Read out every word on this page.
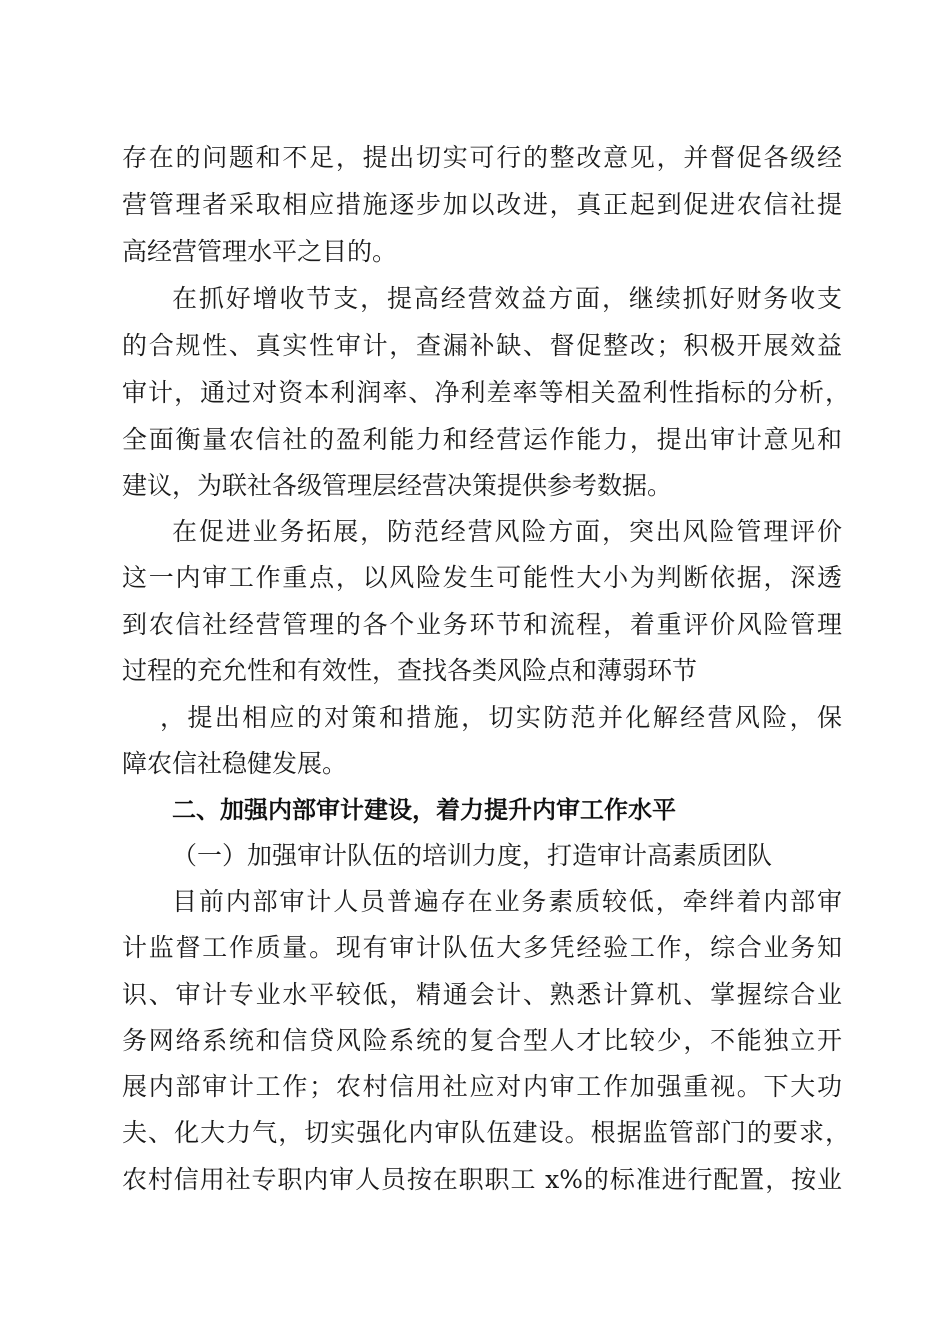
存在的问题和不足，提出切实可行的整改意见，并督促各级经
营管理者采取相应措施逐步加以改进，真正起到促进农信社提
高经营管理水平之目的。
在抓好增收节支，提高经营效益方面，继续抓好财务收支
的合规性、真实性审计，查漏补缺、督促整改；积极开展效益
审计，通过对资本利润率、净利差率等相关盈利性指标的分析，
全面衡量农信社的盈利能力和经营运作能力，提出审计意见和
建议，为联社各级管理层经营决策提供参考数据。
在促进业务拓展，防范经营风险方面，突出风险管理评价
这一内审工作重点，以风险发生可能性大小为判断依据，深透
到农信社经营管理的各个业务环节和流程，着重评价风险管理
过程的充允性和有效性，查找各类风险点和薄弱环节
，提出相应的对策和措施，切实防范并化解经营风险，保
障农信社稳健发展。
二、加强内部审计建设，着力提升内审工作水平
（一）加强审计队伍的培训力度，打造审计高素质团队
目前内部审计人员普遍存在业务素质较低，牵绊着内部审
计监督工作质量。现有审计队伍大多凭经验工作，综合业务知
识、审计专业水平较低，精通会计、熟悉计算机、掌握综合业
务网络系统和信贷风险系统的复合型人才比较少，不能独立开
展内部审计工作；农村信用社应对内审工作加强重视。下大功
夫、化大力气，切实强化内审队伍建设。根据监管部门的要求，
农村信用社专职内审人员按在职职工 x%的标准进行配置，按业
